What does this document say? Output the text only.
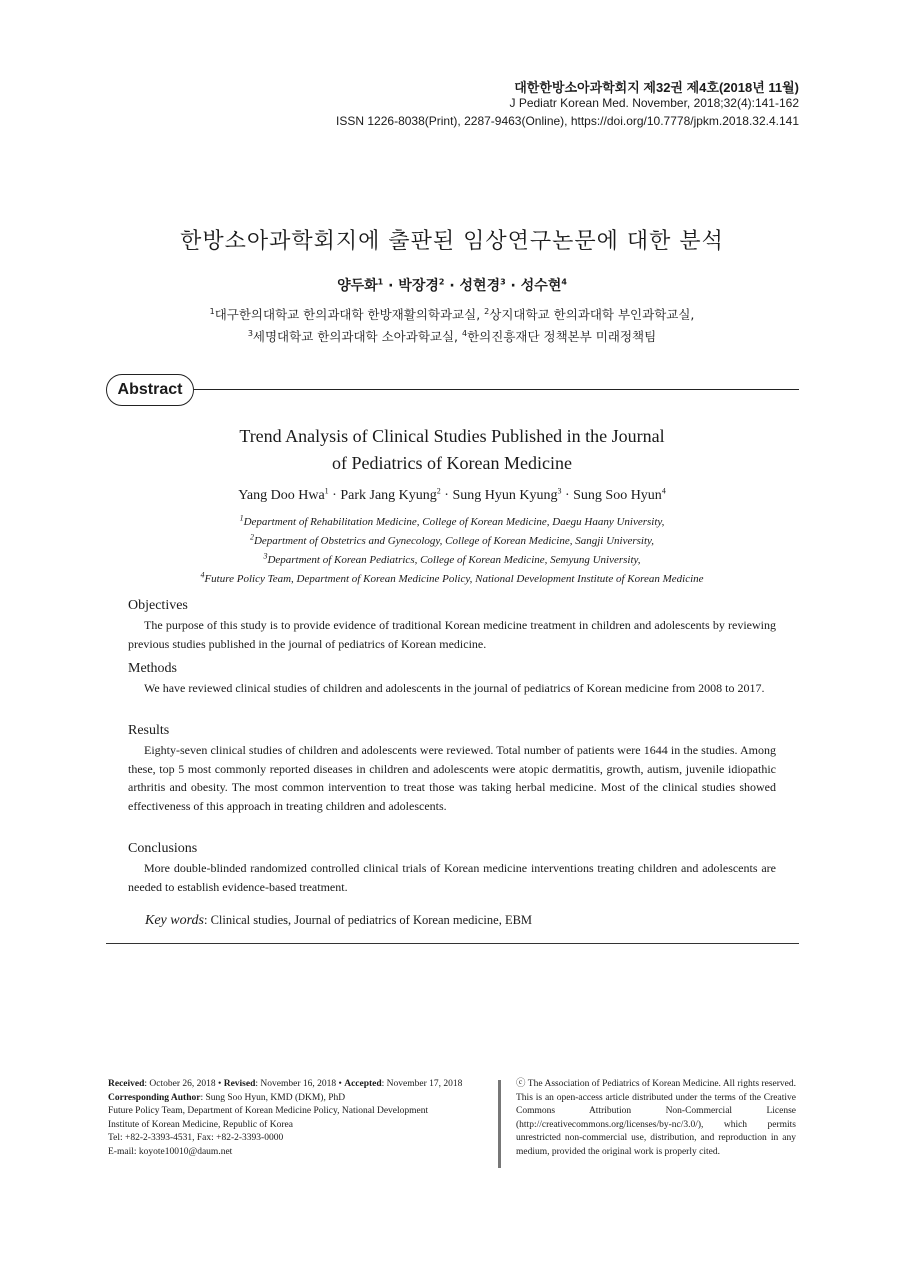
대한한방소아과학회지 제32권 제4호(2018년 11월)
J Pediatr Korean Med. November, 2018;32(4):141-162
ISSN 1226-8038(Print), 2287-9463(Online), https://doi.org/10.7778/jpkm.2018.32.4.141
한방소아과학회지에 출판된 임상연구논문에 대한 분석
양두화$^1$ · 박장경$^2$ · 성현경$^3$ · 성수현$^4$
$^1$대구한의대학교 한의과대학 한방재활의학과교실, $^2$상지대학교 한의과대학 부인과학교실,
$^3$세명대학교 한의과대학 소아과학교실, $^4$한의진흥재단 정책본부 미래정책팀
Abstract
Trend Analysis of Clinical Studies Published in the Journal
of Pediatrics of Korean Medicine
Yang Doo Hwa$^1$ · Park Jang Kyung$^2$ · Sung Hyun Kyung$^3$ · Sung Soo Hyun$^4$
$^1$Department of Rehabilitation Medicine, College of Korean Medicine, Daegu Haany University,
$^2$Department of Obstetrics and Gynecology, College of Korean Medicine, Sangji University,
$^3$Department of Korean Pediatrics, College of Korean Medicine, Semyung University,
$^4$Future Policy Team, Department of Korean Medicine Policy, National Development Institute of Korean Medicine
Objectives
The purpose of this study is to provide evidence of traditional Korean medicine treatment in children and adolescents by reviewing previous studies published in the journal of pediatrics of Korean medicine.
Methods
We have reviewed clinical studies of children and adolescents in the journal of pediatrics of Korean medicine from 2008 to 2017.
Results
Eighty-seven clinical studies of children and adolescents were reviewed. Total number of patients were 1644 in the studies. Among these, top 5 most commonly reported diseases in children and adolescents were atopic dermatitis, growth, autism, juvenile idiopathic arthritis and obesity. The most common intervention to treat those was taking herbal medicine. Most of the clinical studies showed effectiveness of this approach in treating children and adolescents.
Conclusions
More double-blinded randomized controlled clinical trials of Korean medicine interventions treating children and adolescents are needed to establish evidence-based treatment.
Key words: Clinical studies, Journal of pediatrics of Korean medicine, EBM
Received: October 26, 2018 • Revised: November 16, 2018 • Accepted: November 17, 2018
Corresponding Author: Sung Soo Hyun, KMD (DKM), PhD
Future Policy Team, Department of Korean Medicine Policy, National Development
Institute of Korean Medicine, Republic of Korea
Tel: +82-2-3393-4531, Fax: +82-2-3393-0000
E-mail: koyote10010@daum.net
ⓒ The Association of Pediatrics of Korean Medicine. All rights reserved. This is an open-access article distributed under the terms of the Creative Commons Attribution Non-Commercial License (http://creativecommons.org/licenses/by-nc/3.0/), which permits unrestricted non-commercial use, distribution, and reproduction in any medium, provided the original work is properly cited.
